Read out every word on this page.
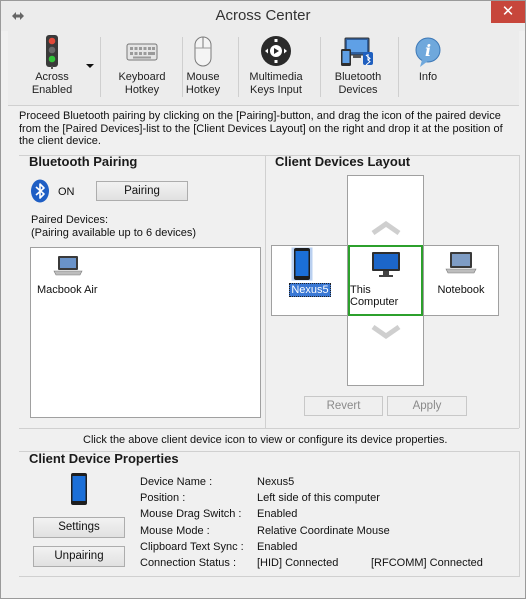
Across Center	✕
Across
Enabled
Keyboard
Hotkey
Mouse
Hotkey
Multimedia
Keys Input
Bluetooth
Devices
i
Info
Proceed Bluetooth pairing by clicking on the [Pairing]-button, and drag the icon of the paired device from the [Paired Devices]-list to the [Client Devices Layout] on the right and drop it at the position of the client device.
Bluetooth Pairing
ON	Pairing
Paired Devices:
(Pairing available up to 6 devices)
Macbook Air
Client Devices Layout
Nexus5	This Computer
Notebook
Revert	Apply
Click the above client device icon to view or configure its device properties.
Client Device Properties
Settings
Unpairing
Device Name :	Nexus5
Position :	Left side of this computer
Mouse Drag Switch : Enabled
Mouse Mode :	Relative Coordinate Mouse
Clipboard Text Sync : Enabled
Connection Status : [HID] Connected	[RFCOMM] Connected
